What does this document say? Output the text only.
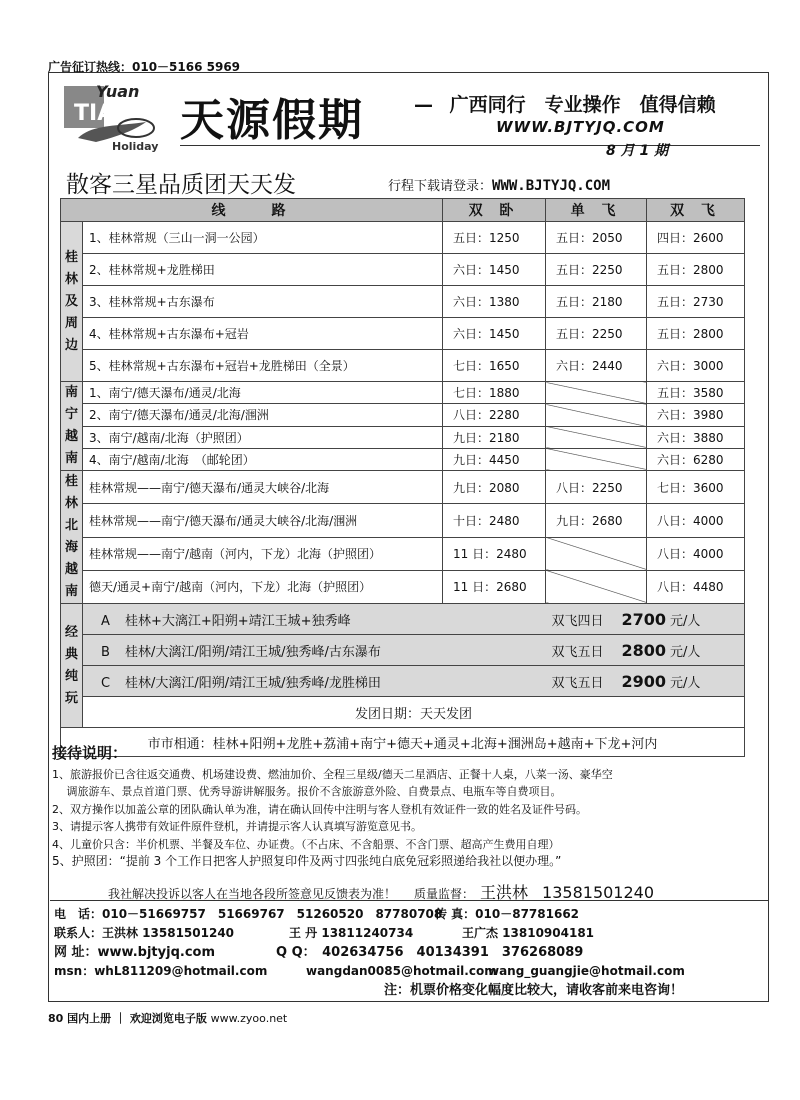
广告征订热线：010－5166 5969
Yuan
TIAN
Holiday
天源假期	— 广西同行　专业操作　值得信赖
WWW.BJTYJQ.COM
8 月 1 期
散客三星品质团天天发	行程下载请登录：WWW.BJTYJQ.COM
线　　路		双 卧	单 飞	双 飞
桂林及周边	1、桂林常规（三山一洞一公园）	五日：1250	五日：2050	四日：2600
	2、桂林常规+龙胜梯田	六日：1450	五日：2250	五日：2800
	3、桂林常规+古东瀑布	六日：1380	五日：2180	五日：2730
	4、桂林常规+古东瀑布+冠岩	六日：1450	五日：2250	五日：2800
	5、桂林常规+古东瀑布+冠岩+龙胜梯田（全景）	七日：1650	六日：2440	六日：3000
南宁越南	1、南宁/德天瀑布/通灵/北海	七日：1880		五日：3580
	2、南宁/德天瀑布/通灵/北海/涠洲	八日：2280		六日：3980
	3、南宁/越南/北海（护照团）	九日：2180		六日：3880
	4、南宁/越南/北海　（邮轮团）	九日：4450		六日：6280
桂林北海越南	桂林常规——南宁/德天瀑布/通灵大峡谷/北海	九日：2080	八日：2250	七日：3600
	桂林常规——南宁/德天瀑布/通灵大峡谷/北海/涠洲	十日：2480	九日：2680	八日：4000
	桂林常规——南宁/越南（河内，下龙）北海（护照团）	11 日：2480		八日：4000
	德天/通灵+南宁/越南（河内，下龙）北海（护照团）	11 日：2680		八日：4480
经典纯玩	A 桂林+大漓江+阳朔+靖江王城+独秀峰		双飞四日 2700 元/人	
	B 桂林/大漓江/阳朔/靖江王城/独秀峰/古东瀑布		双飞五日 2800 元/人	
	C 桂林/大漓江/阳朔/靖江王城/独秀峰/龙胜梯田		双飞五日 2900 元/人	
	发团日期：天天发团			
市市相通：桂林+阳朔+龙胜+荔浦+南宁+德天+通灵+北海+涠洲岛+越南+下龙+河内				
接待说明：
1、旅游报价已含往返交通费、机场建设费、燃油加价、全程三星级/德天二星酒店、正餐十人桌，八菜一汤、豪华空
　 调旅游车、景点首道门票、优秀导游讲解服务。报价不含旅游意外险、自费景点、电瓶车等自费项目。
2、双方操作以加盖公章的团队确认单为准，请在确认回传中注明与客人登机有效证件一致的姓名及证件号码。
3、请提示客人携带有效证件原件登机，并请提示客人认真填写游览意见书。
4、儿童价只含：半价机票、半餐及车位、办证费。（不占床、不含船票、不含门票、超高产生费用自理）
5、护照团：“提前 3 个工作日把客人护照复印件及两寸四张纯白底免冠彩照递给我社以便办理。”
我社解决投诉以客人在当地各段所签意见反馈表为准！ 质量监督： 王洪林 13581501240
电　话：010－51669757　51669767　51260520　87780708
传 真：010－87781662
联系人：王洪林 13581501240	王 丹 13811240734	王广杰 13810904181
网 址：www.bjtyjq.com	Q Q：　402634756　40134391　376268089
msn：whL811209@hotmail.com	wangdan0085@hotmail.com
wang_guangjie@hotmail.com
注：机票价格变化幅度比较大，请收客前来电咨询！
80 国内上册 ｜ 欢迎浏览电子版 www.zyoo.net
